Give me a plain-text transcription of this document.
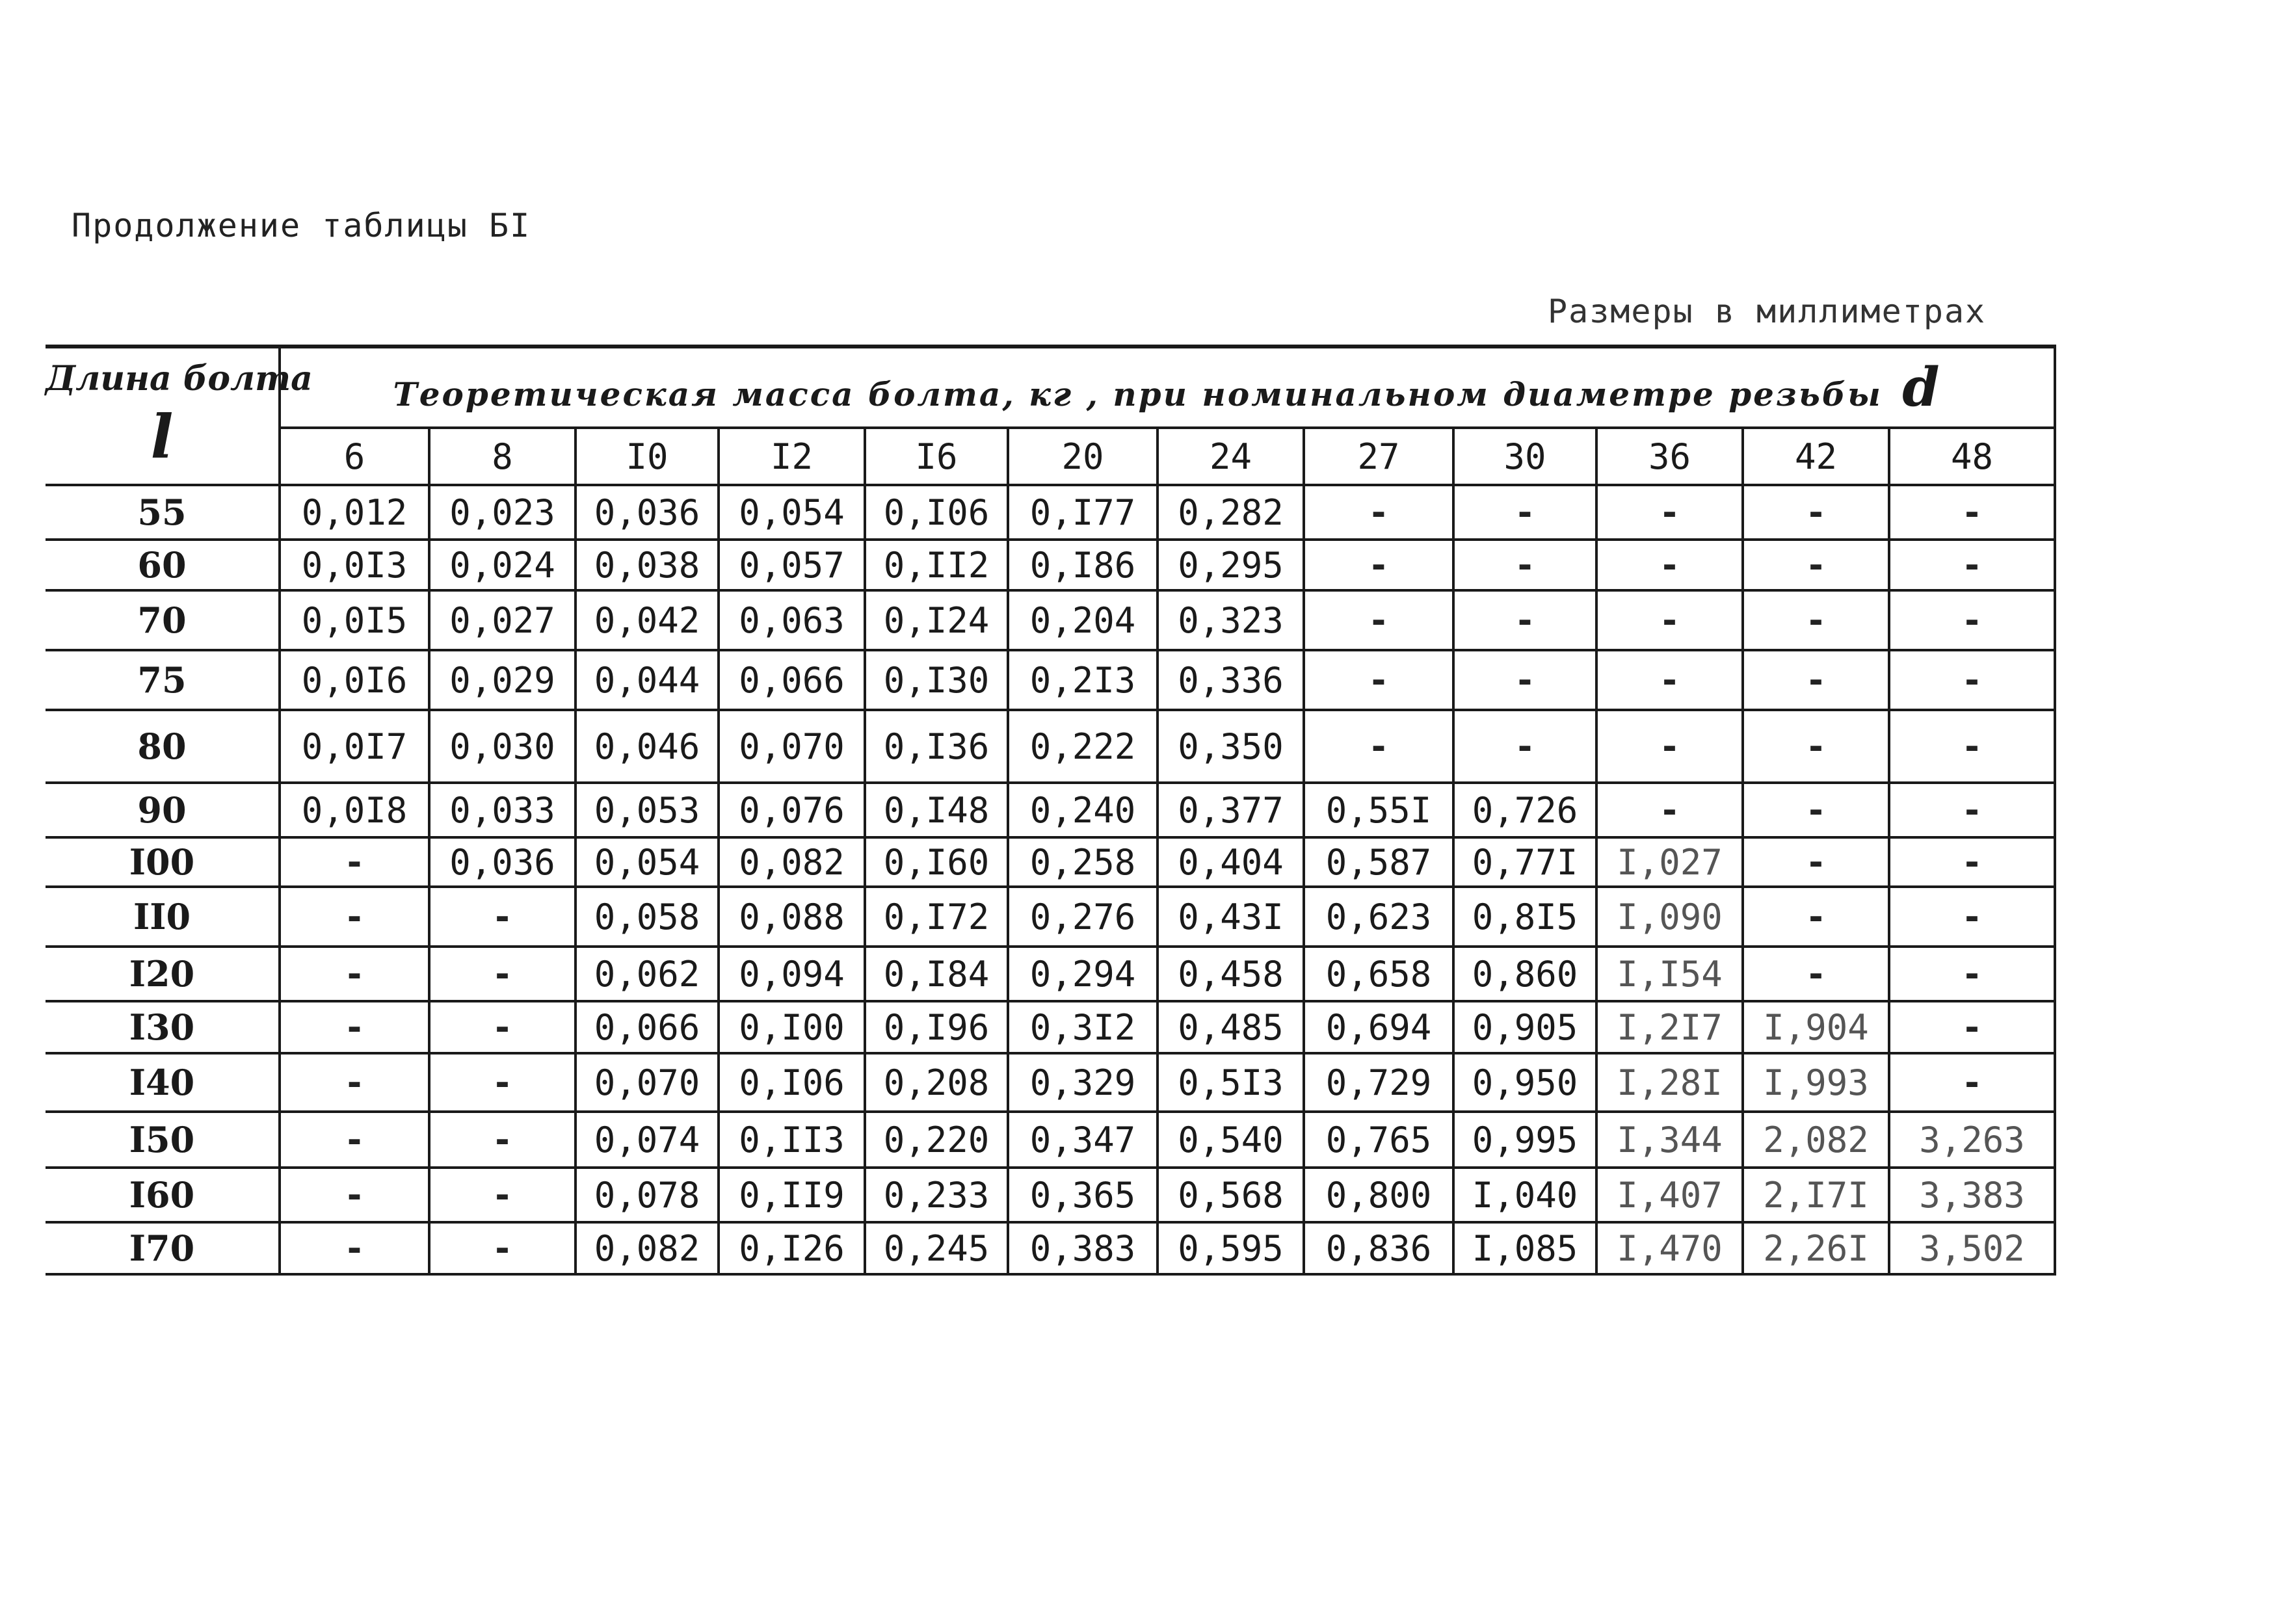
Продолжение таблицы БI
Размеры в миллиметрах
Длина болта
l	Теоретическая масса болта, кг , при номинальном диаметре резьбы d											
	6	8	I0	I2	I6	20	24	27	30	36	42	48
55	0,012	0,023	0,036	0,054	0,I06	0,I77	0,282	-	-	-	-	-
60	0,0I3	0,024	0,038	0,057	0,II2	0,I86	0,295	-	-	-	-	-
70	0,0I5	0,027	0,042	0,063	0,I24	0,204	0,323	-	-	-	-	-
75	0,0I6	0,029	0,044	0,066	0,I30	0,2I3	0,336	-	-	-	-	-
80	0,0I7	0,030	0,046	0,070	0,I36	0,222	0,350	-	-	-	-	-
90	0,0I8	0,033	0,053	0,076	0,I48	0,240	0,377	0,55I	0,726	-	-	-
I00	-	0,036	0,054	0,082	0,I60	0,258	0,404	0,587	0,77I	I,027	-	-
II0	-	-	0,058	0,088	0,I72	0,276	0,43I	0,623	0,8I5	I,090	-	-
I20	-	-	0,062	0,094	0,I84	0,294	0,458	0,658	0,860	I,I54	-	-
I30	-	-	0,066	0,I00	0,I96	0,3I2	0,485	0,694	0,905	I,2I7	I,904	-
I40	-	-	0,070	0,I06	0,208	0,329	0,5I3	0,729	0,950	I,28I	I,993	-
I50	-	-	0,074	0,II3	0,220	0,347	0,540	0,765	0,995	I,344	2,082	3,263
I60	-	-	0,078	0,II9	0,233	0,365	0,568	0,800	I,040	I,407	2,I7I	3,383
I70	-	-	0,082	0,I26	0,245	0,383	0,595	0,836	I,085	I,470	2,26I	3,502
